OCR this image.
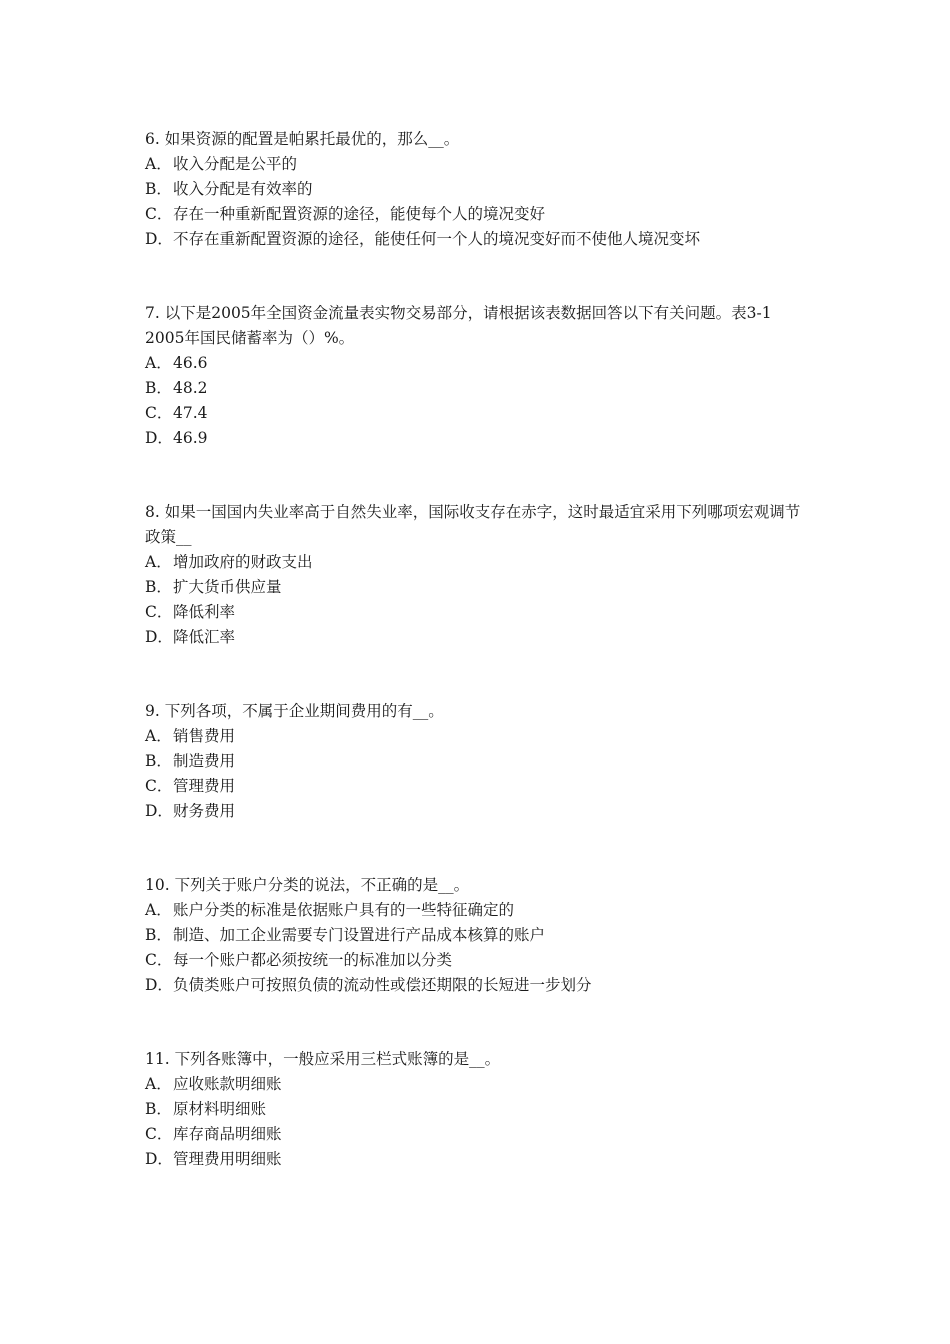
6. 如果资源的配置是帕累托最优的，那么__。

A．收入分配是公平的

B．收入分配是有效率的

C．存在一种重新配置资源的途径，能使每个人的境况变好

D．不存在重新配置资源的途径，能使任何一个人的境况变好而不使他人境况变坏

7. 以下是2005年全国资金流量表实物交易部分，请根据该表数据回答以下有关问题。表3-1 2005年国民储蓄率为（）%。

A．46.6

B．48.2

C．47.4

D．46.9

8. 如果一国国内失业率高于自然失业率，国际收支存在赤字，这时最适宜采用下列哪项宏观调节政策__

A．增加政府的财政支出

B．扩大货币供应量

C．降低利率

D．降低汇率

9. 下列各项，不属于企业期间费用的有__。

A．销售费用

B．制造费用

C．管理费用

D．财务费用

10. 下列关于账户分类的说法，不正确的是__。

A．账户分类的标准是依据账户具有的一些特征确定的

B．制造、加工企业需要专门设置进行产品成本核算的账户

C．每一个账户都必须按统一的标准加以分类

D．负债类账户可按照负债的流动性或偿还期限的长短进一步划分

11. 下列各账簿中，一般应采用三栏式账簿的是__。

A．应收账款明细账

B．原材料明细账

C．库存商品明细账

D．管理费用明细账
